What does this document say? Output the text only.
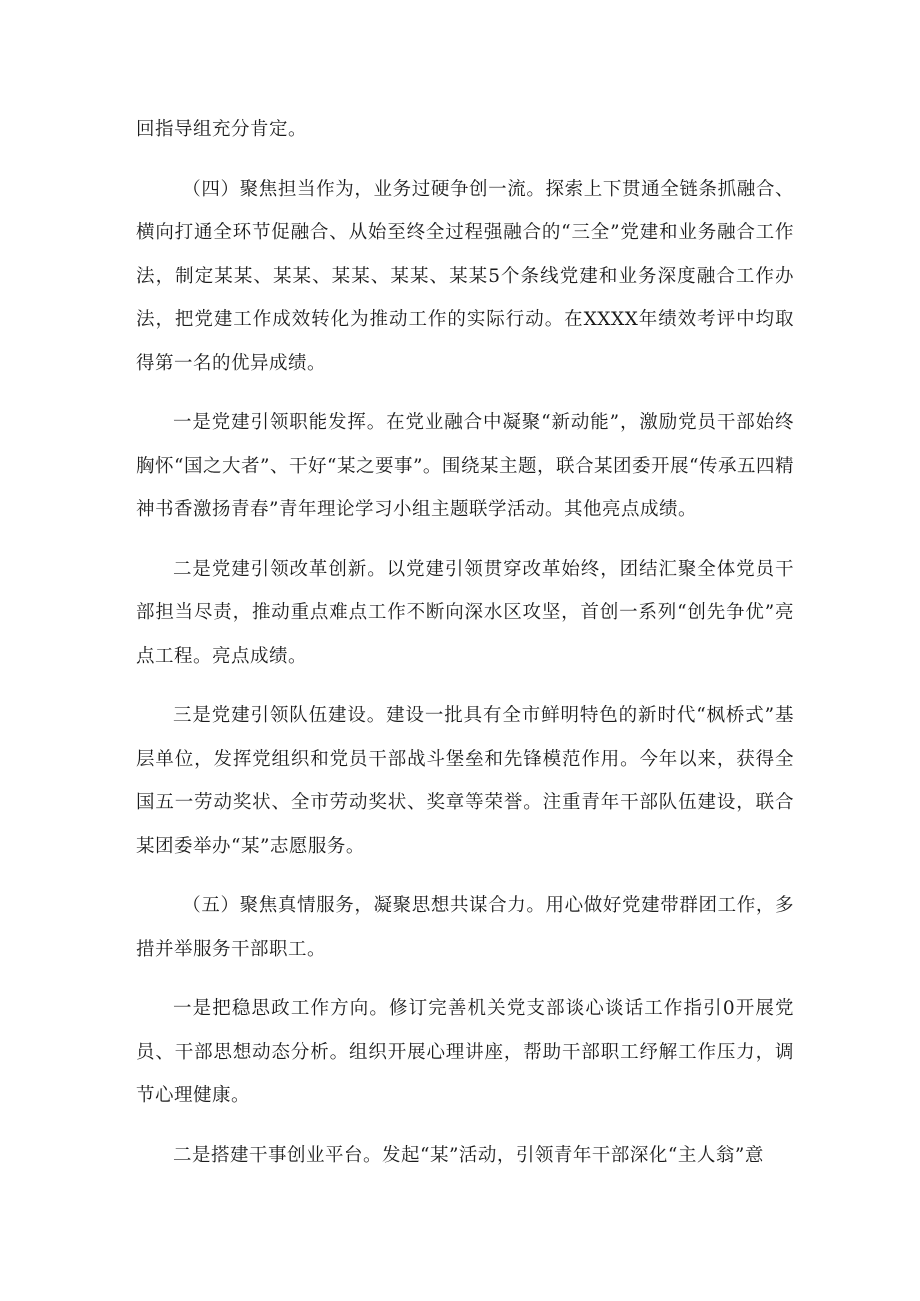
回指导组充分肯定。

（四）聚焦担当作为，业务过硬争创一流。探索上下贯通全链条抓融合、横向打通全环节促融合、从始至终全过程强融合的“三全”党建和业务融合工作法，制定某某、某某、某某、某某、某某5个条线党建和业务深度融合工作办法，把党建工作成效转化为推动工作的实际行动。在XXXX年绩效考评中均取得第一名的优异成绩。

一是党建引领职能发挥。在党业融合中凝聚“新动能”，激励党员干部始终胸怀“国之大者”、干好“某之要事”。围绕某主题，联合某团委开展“传承五四精神书香激扬青春”青年理论学习小组主题联学活动。其他亮点成绩。

二是党建引领改革创新。以党建引领贯穿改革始终，团结汇聚全体党员干部担当尽责，推动重点难点工作不断向深水区攻坚，首创一系列“创先争优”亮点工程。亮点成绩。

三是党建引领队伍建设。建设一批具有全市鲜明特色的新时代“枫桥式”基层单位，发挥党组织和党员干部战斗堡垒和先锋模范作用。今年以来，获得全国五一劳动奖状、全市劳动奖状、奖章等荣誉。注重青年干部队伍建设，联合某团委举办“某”志愿服务。

（五）聚焦真情服务，凝聚思想共谋合力。用心做好党建带群团工作，多措并举服务干部职工。

一是把稳思政工作方向。修订完善机关党支部谈心谈话工作指引0开展党员、干部思想动态分析。组织开展心理讲座，帮助干部职工纾解工作压力，调节心理健康。

二是搭建干事创业平台。发起“某”活动，引领青年干部深化“主人翁”意
